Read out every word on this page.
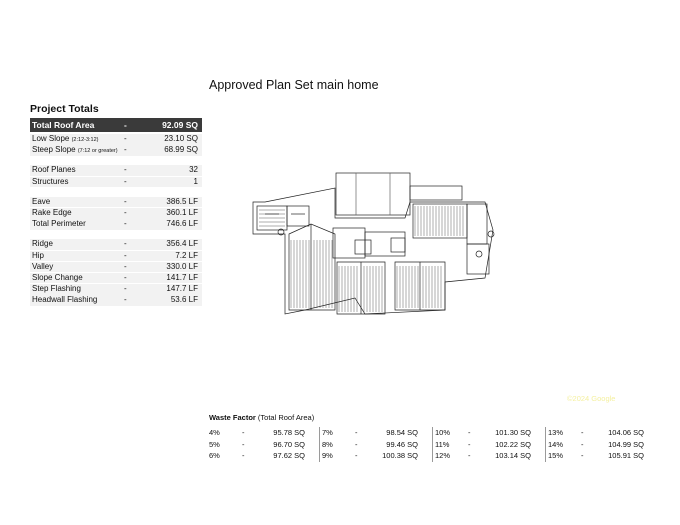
Approved Plan Set main home
Project Totals
Total Roof Area	-	92.09 SQ
Low Slope (2:12-3:12)	-	23.10 SQ
Steep Slope (7:12 or greater) -	68.99 SQ
Roof Planes	-	32
Structures	-	1
Eave	-	386.5 LF
Rake Edge	-	360.1 LF
Total Perimeter	-	746.6 LF
Ridge	-	356.4 LF
Hip	-	7.2 LF
Valley	-	330.0 LF
Slope Change	-	141.7 LF
Step Flashing	-	147.7 LF
Headwall Flashing	-	53.6 LF
©2024 Google
Waste Factor (Total Roof Area)
4%	-	95.78 SQ
5%	-	96.70 SQ
6%	-	97.62 SQ
7%	-	98.54 SQ
8%	-	99.46 SQ
9%	-	100.38 SQ
10%	-	101.30 SQ
11%	-	102.22 SQ
12%	-	103.14 SQ
13%	-	104.06 SQ
14%	-	104.99 SQ
15%	-	105.91 SQ
